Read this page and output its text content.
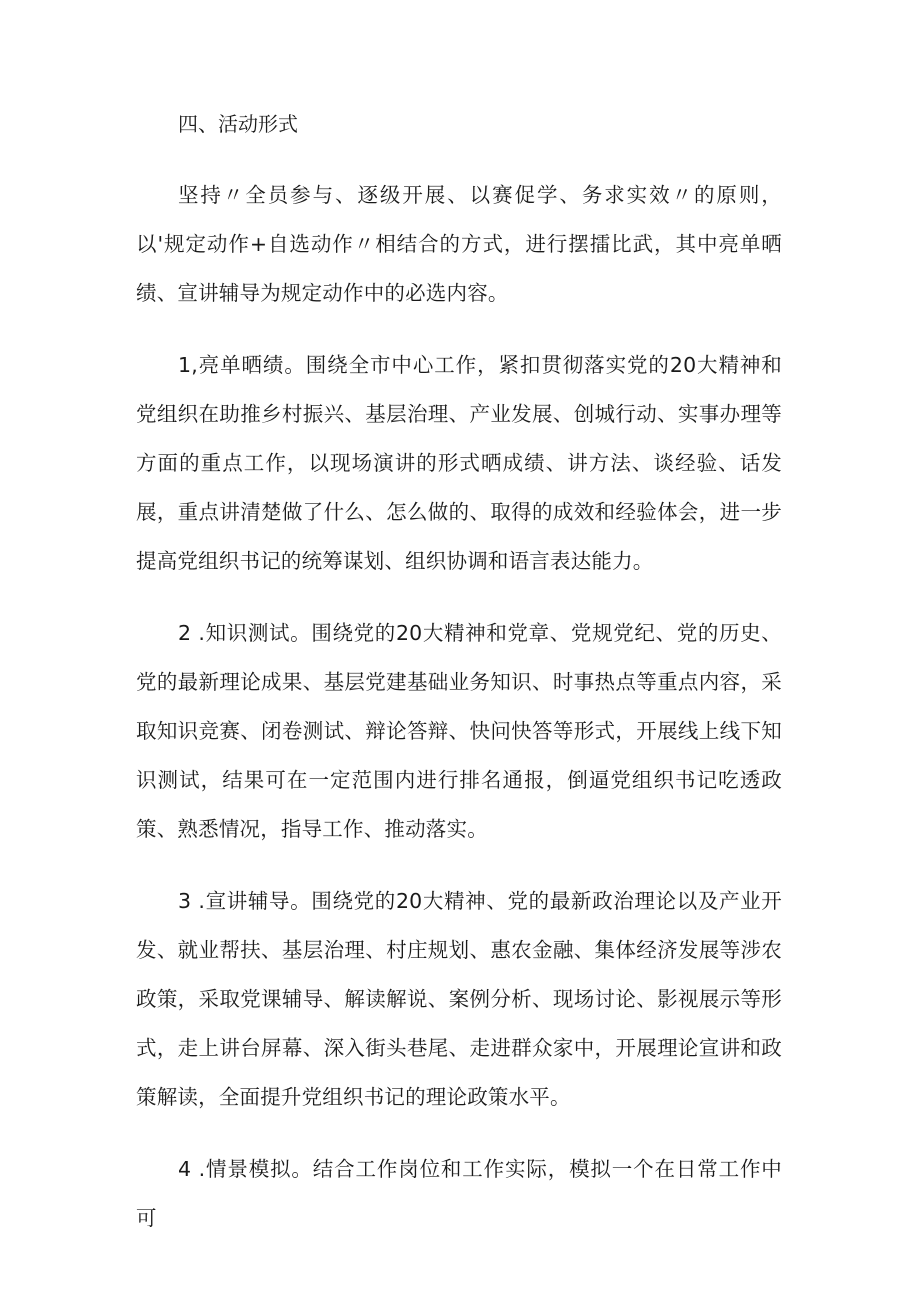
四、活动形式

坚持〃全员参与、逐级开展、以赛促学、务求实效〃的原则，以'规定动作+自选动作〃相结合的方式，进行摆擂比武，其中亮单晒绩、宣讲辅导为规定动作中的必选内容。

1,亮单晒绩。围绕全市中心工作，紧扣贯彻落实党的20大精神和党组织在助推乡村振兴、基层治理、产业发展、创城行动、实事办理等方面的重点工作，以现场演讲的形式晒成绩、讲方法、谈经验、话发展，重点讲清楚做了什么、怎么做的、取得的成效和经验体会，进一步提高党组织书记的统筹谋划、组织协调和语言表达能力。

2 .知识测试。围绕党的20大精神和党章、党规党纪、党的历史、党的最新理论成果、基层党建基础业务知识、时事热点等重点内容，采取知识竞赛、闭卷测试、辩论答辩、快问快答等形式，开展线上线下知识测试，结果可在一定范围内进行排名通报，倒逼党组织书记吃透政策、熟悉情况，指导工作、推动落实。

3 .宣讲辅导。围绕党的20大精神、党的最新政治理论以及产业开发、就业帮扶、基层治理、村庄规划、惠农金融、集体经济发展等涉农政策，采取党课辅导、解读解说、案例分析、现场讨论、影视展示等形式，走上讲台屏幕、深入街头巷尾、走进群众家中，开展理论宣讲和政策解读，全面提升党组织书记的理论政策水平。

4 .情景模拟。结合工作岗位和工作实际，模拟一个在日常工作中可
